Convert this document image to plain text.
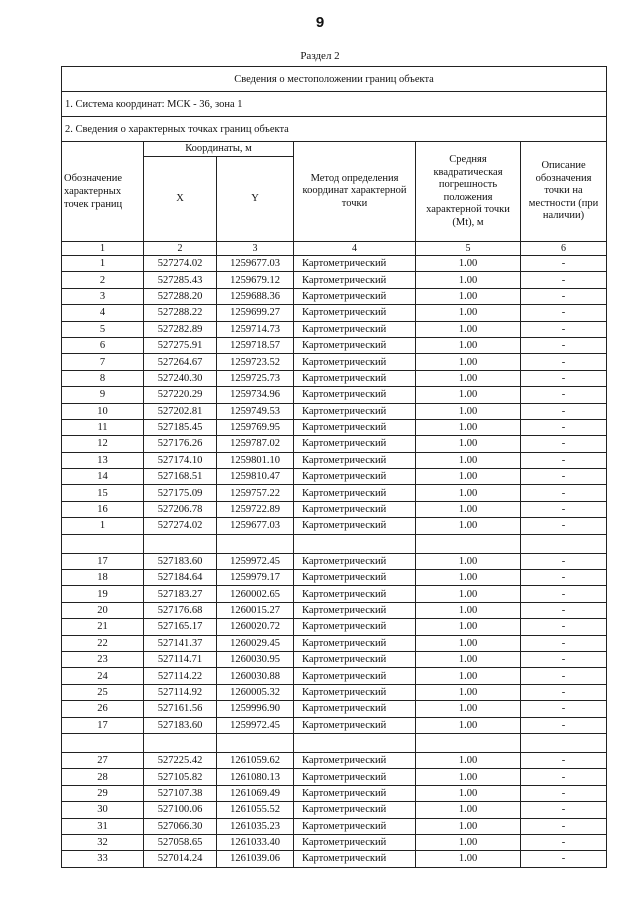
9
Раздел 2
Сведения о местоположении границ объекта					
1. Система координат: МСК - 36, зона 1					
2. Сведения о характерных точках границ объекта					
Обозначение характерных точек границ	Координаты, м		Метод определения координат характерной точки	Средняя квадратическая погрешность положения характерной точки (Mt), м	Описание обозначения точки на местности (при наличии)
	X	Y			
1	2	3	4	5	6
1	527274.02	1259677.03	Картометрический	1.00	-
2	527285.43	1259679.12	Картометрический	1.00	-
3	527288.20	1259688.36	Картометрический	1.00	-
4	527288.22	1259699.27	Картометрический	1.00	-
5	527282.89	1259714.73	Картометрический	1.00	-
6	527275.91	1259718.57	Картометрический	1.00	-
7	527264.67	1259723.52	Картометрический	1.00	-
8	527240.30	1259725.73	Картометрический	1.00	-
9	527220.29	1259734.96	Картометрический	1.00	-
10	527202.81	1259749.53	Картометрический	1.00	-
11	527185.45	1259769.95	Картометрический	1.00	-
12	527176.26	1259787.02	Картометрический	1.00	-
13	527174.10	1259801.10	Картометрический	1.00	-
14	527168.51	1259810.47	Картометрический	1.00	-
15	527175.09	1259757.22	Картометрический	1.00	-
16	527206.78	1259722.89	Картометрический	1.00	-
1	527274.02	1259677.03	Картометрический	1.00	-

17	527183.60	1259972.45	Картометрический	1.00	-
18	527184.64	1259979.17	Картометрический	1.00	-
19	527183.27	1260002.65	Картометрический	1.00	-
20	527176.68	1260015.27	Картометрический	1.00	-
21	527165.17	1260020.72	Картометрический	1.00	-
22	527141.37	1260029.45	Картометрический	1.00	-
23	527114.71	1260030.95	Картометрический	1.00	-
24	527114.22	1260030.88	Картометрический	1.00	-
25	527114.92	1260005.32	Картометрический	1.00	-
26	527161.56	1259996.90	Картометрический	1.00	-
17	527183.60	1259972.45	Картометрический	1.00	-

27	527225.42	1261059.62	Картометрический	1.00	-
28	527105.82	1261080.13	Картометрический	1.00	-
29	527107.38	1261069.49	Картометрический	1.00	-
30	527100.06	1261055.52	Картометрический	1.00	-
31	527066.30	1261035.23	Картометрический	1.00	-
32	527058.65	1261033.40	Картометрический	1.00	-
33	527014.24	1261039.06	Картометрический	1.00	-
